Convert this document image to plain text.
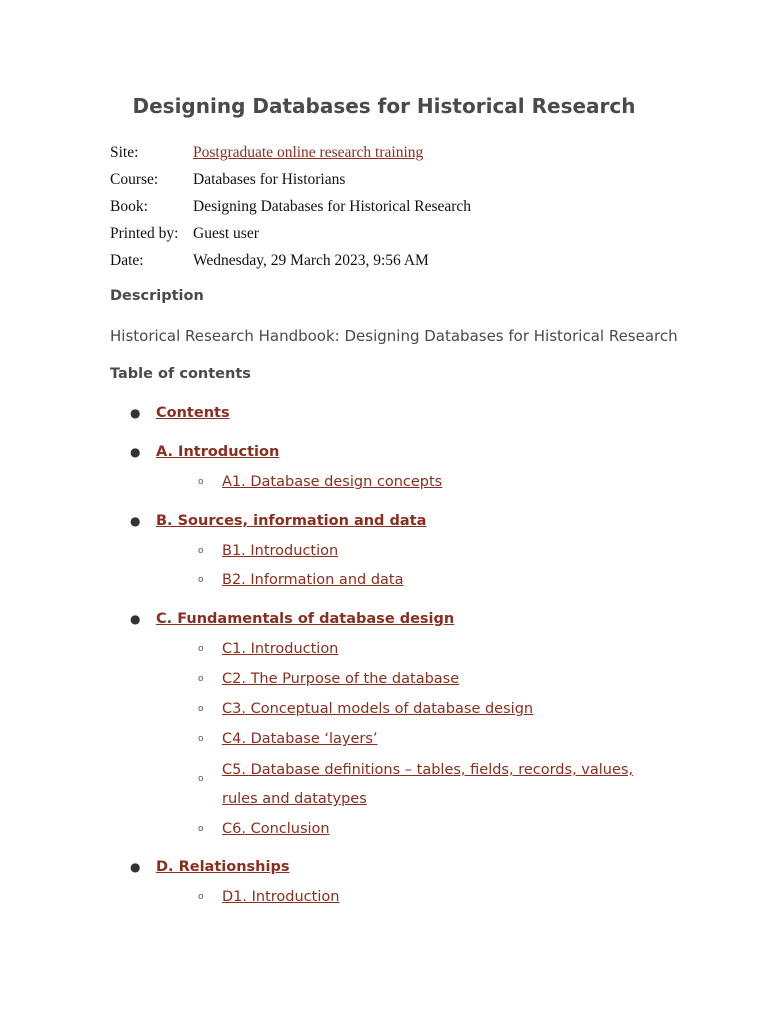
Designing Databases for Historical Research
Site:	Postgraduate online research training
Course: Databases for Historians
Book:	Designing Databases for Historical Research
Printed by: Guest user
Date:	Wednesday, 29 March 2023, 9:56 AM
Description
Historical Research Handbook: Designing Databases for Historical Research
Table of contents
● Contents
● A. Introduction
o A1. Database design concepts
● B. Sources, information and data
o B1. Introduction
o B2. Information and data
● C. Fundamentals of database design
o C1. Introduction
o C2. The Purpose of the database
o C3. Conceptual models of database design
o C4. Database ‘layers’
o
C5. Database definitions – tables, fields, records, values, rules and datatypes
o C6. Conclusion
● D. Relationships
o D1. Introduction
